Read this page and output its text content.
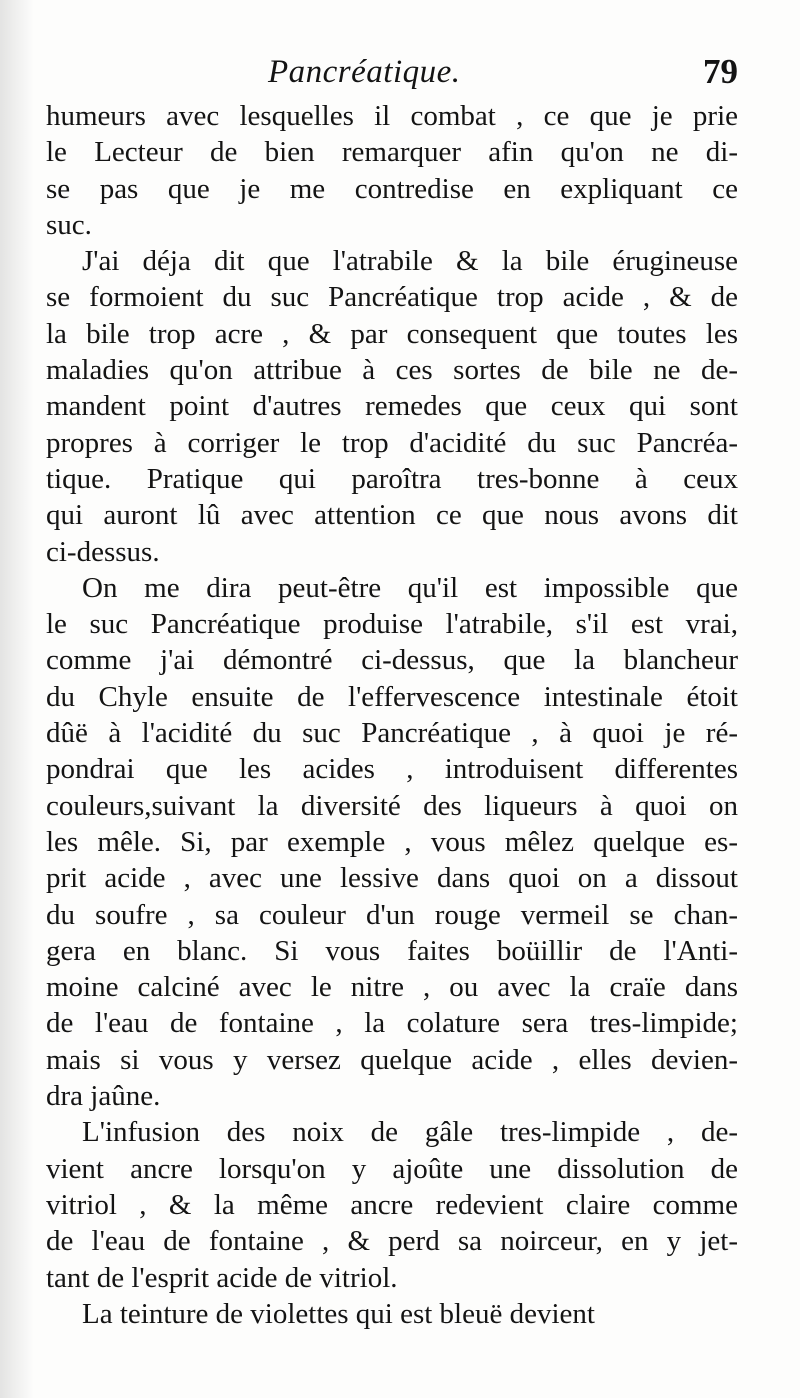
Pancréatique.	79
humeurs avec lesquelles il combat , ce que je prie
le Lecteur de bien remarquer afin qu'on ne di-
se pas que je me contredise en expliquant ce
suc.
J'ai déja dit que l'atrabile & la bile érugineuse
se formoient du suc Pancréatique trop acide , & de
la bile trop acre , & par consequent que toutes les
maladies qu'on attribue à ces sortes de bile ne de-
mandent point d'autres remedes que ceux qui sont
propres à corriger le trop d'acidité du suc Pancréa-
tique. Pratique qui paroîtra tres-bonne à ceux
qui auront lû avec attention ce que nous avons dit
ci-dessus.
On me dira peut-être qu'il est impossible que
le suc Pancréatique produise l'atrabile, s'il est vrai,
comme j'ai démontré ci-dessus, que la blancheur
du Chyle ensuite de l'effervescence intestinale étoit
dûë à l'acidité du suc Pancréatique , à quoi je ré-
pondrai que les acides , introduisent differentes
couleurs,suivant la diversité des liqueurs à quoi on
les mêle. Si, par exemple , vous mêlez quelque es-
prit acide , avec une lessive dans quoi on a dissout
du soufre , sa couleur d'un rouge vermeil se chan-
gera en blanc. Si vous faites boüillir de l'Anti-
moine calciné avec le nitre , ou avec la craïe dans
de l'eau de fontaine , la colature sera tres-limpide;
mais si vous y versez quelque acide , elles devien-
dra jaûne.
L'infusion des noix de gâle tres-limpide , de-
vient ancre lorsqu'on y ajoûte une dissolution de
vitriol , & la même ancre redevient claire comme
de l'eau de fontaine , & perd sa noirceur, en y jet-
tant de l'esprit acide de vitriol.
La teinture de violettes qui est bleuë devient
